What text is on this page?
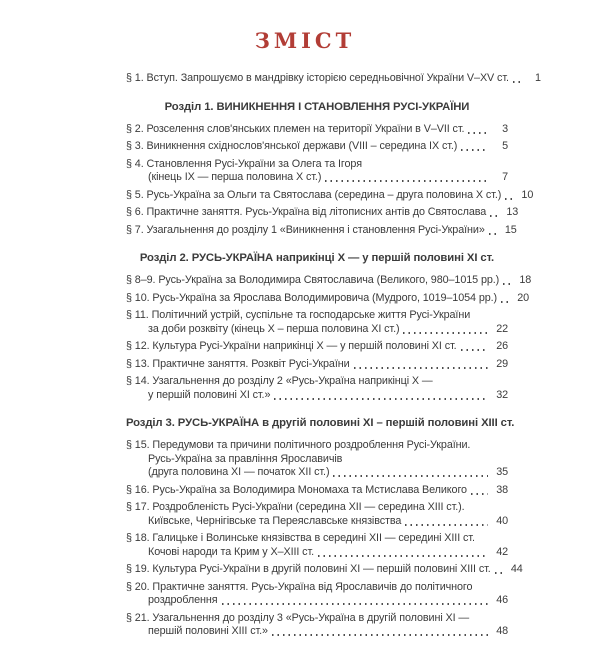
ЗМІСТ
§ 1. Вступ. Запрошуємо в мандрівку історією середньовічної України V–XV ст.	1
Розділ 1. ВИНИКНЕННЯ І СТАНОВЛЕННЯ РУСІ-УКРАЇНИ
§ 2. Розселення слов'янських племен на території України в V–VII ст.	3
§ 3. Виникнення східнослов'янської держави (VIII – середина IX ст.)	5
§ 4. Становлення Русі-України за Олега та Ігоря
(кінець IX — перша половина X ст.)	7
§ 5. Русь-Україна за Ольги та Святослава (середина – друга половина X ст.)	10
§ 6. Практичне заняття. Русь-Україна від літописних антів до Святослава	13
§ 7. Узагальнення до розділу 1 «Виникнення і становлення Русі-України»	15
Розділ 2. РУСЬ-УКРАЇНА наприкінці X — у першій половині XI ст.
§ 8–9. Русь-Україна за Володимира Святославича (Великого, 980–1015 рр.)	18
§ 10. Русь-Україна за Ярослава Володимировича (Мудрого, 1019–1054 рр.)	20
§ 11. Політичний устрій, суспільне та господарське життя Русі-України
за доби розквіту (кінець X – перша половина XI ст.)	22
§ 12. Культура Русі-України наприкінці X — у першій половині XI ст.	26
§ 13. Практичне заняття. Розквіт Русі-України	29
§ 14. Узагальнення до розділу 2 «Русь-Україна наприкінці X —
у першій половині XI ст.»	32
Розділ 3. РУСЬ-УКРАЇНА в другій половині XI – першій половині XIII ст.
§ 15. Передумови та причини політичного роздроблення Русі-України.
Русь-Україна за правління Ярославичів
(друга половина XI — початок XII ст.)	35
§ 16. Русь-Україна за Володимира Мономаха та Мстислава Великого	38
§ 17. Роздробленість Русі-України (середина XII — середина XIII ст.).
Київське, Чернігівське та Переяславське князівства	40
§ 18. Галицьке і Волинське князівства в середині XII — середині XIII ст.
Кочові народи та Крим у X–XIII ст.	42
§ 19. Культура Русі-України в другій половині XI — першій половині XIII ст.	44
§ 20. Практичне заняття. Русь-Україна від Ярославичів до політичного
роздроблення	46
§ 21. Узагальнення до розділу 3 «Русь-Україна в другій половині XI —
першій половині XIII ст.»	48
